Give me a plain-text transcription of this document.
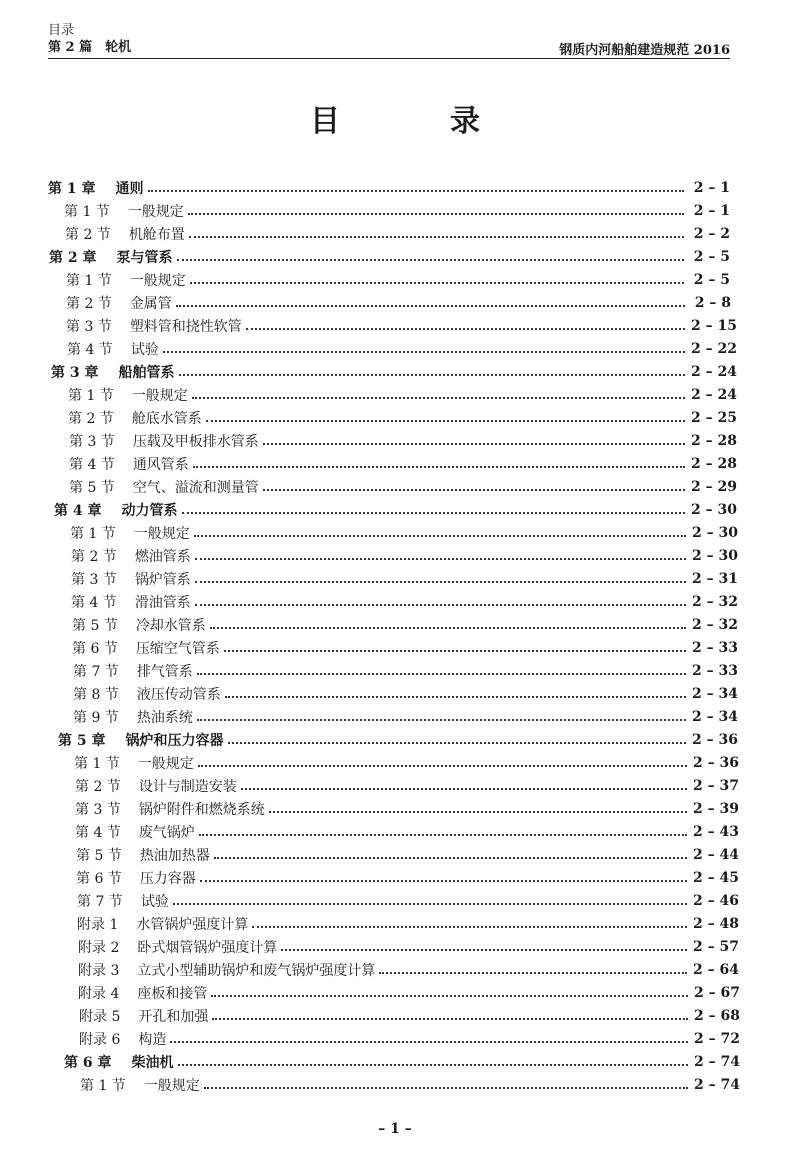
目录
第 2 篇　轮机	钢质内河船舶建造规范 2016
目　录
第 1 章 通则	2 – 1
第 1 节 一般规定	2 – 1
第 2 节 机舱布置	2 – 2
第 2 章 泵与管系	2 – 5
第 1 节 一般规定	2 – 5
第 2 节 金属管	2 – 8
第 3 节 塑料管和挠性软管	2 – 15
第 4 节 试验	2 – 22
第 3 章 船舶管系	2 – 24
第 1 节 一般规定	2 – 24
第 2 节 舱底水管系	2 – 25
第 3 节 压载及甲板排水管系	2 – 28
第 4 节 通风管系	2 – 28
第 5 节 空气、溢流和测量管	2 – 29
第 4 章 动力管系	2 – 30
第 1 节 一般规定	2 – 30
第 2 节 燃油管系	2 – 30
第 3 节 锅炉管系	2 – 31
第 4 节 滑油管系	2 – 32
第 5 节 冷却水管系	2 – 32
第 6 节 压缩空气管系	2 – 33
第 7 节 排气管系	2 – 33
第 8 节 液压传动管系	2 – 34
第 9 节 热油系统	2 – 34
第 5 章 锅炉和压力容器	2 – 36
第 1 节 一般规定	2 – 36
第 2 节 设计与制造安装	2 – 37
第 3 节 锅炉附件和燃烧系统	2 – 39
第 4 节 废气锅炉	2 – 43
第 5 节 热油加热器	2 – 44
第 6 节 压力容器	2 – 45
第 7 节 试验	2 – 46
附录 1 水管锅炉强度计算	2 – 48
附录 2 卧式烟管锅炉强度计算	2 – 57
附录 3 立式小型辅助锅炉和废气锅炉强度计算	2 – 64
附录 4 座板和接管	2 – 67
附录 5 开孔和加强	2 – 68
附录 6 构造	2 – 72
第 6 章 柴油机	2 – 74
第 1 节 一般规定	2 – 74
– 1 –
